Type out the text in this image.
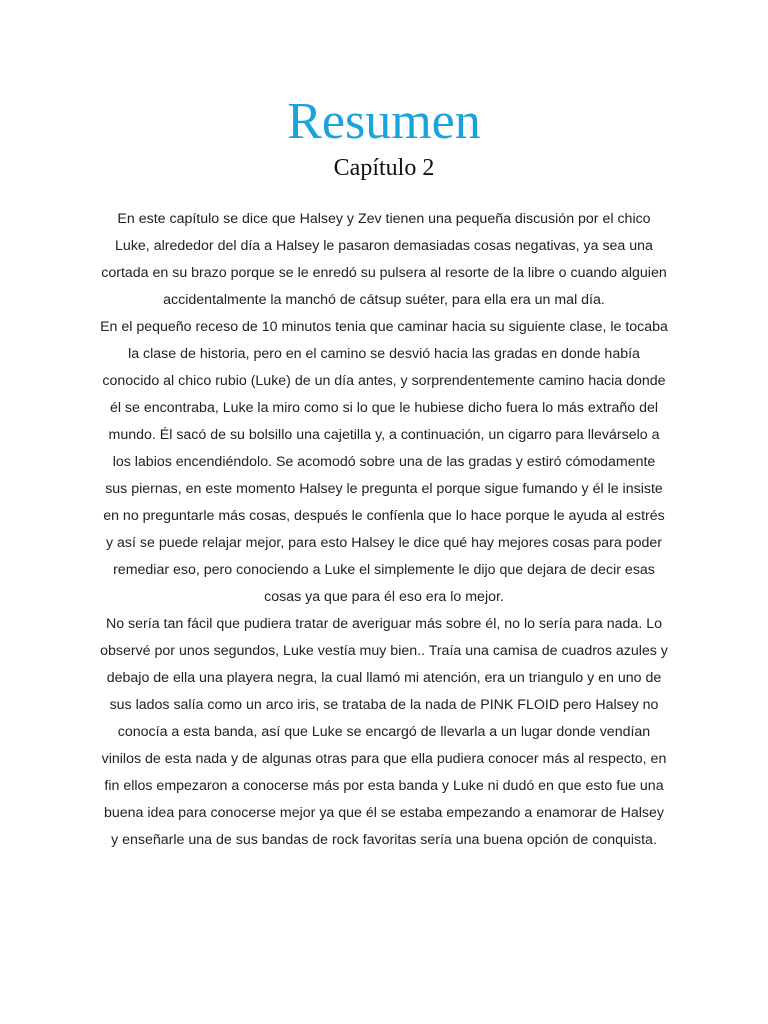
Resumen
Capítulo 2

En este capítulo se dice que Halsey y Zev tienen una pequeña discusión por el chico Luke, alrededor del día a Halsey le pasaron demasiadas cosas negativas, ya sea una cortada en su brazo porque se le enredó su pulsera al resorte de la libre o cuando alguien accidentalmente la manchó de cátsup suéter, para ella era un mal día.

En el pequeño receso de 10 minutos tenia que caminar hacia su siguiente clase, le tocaba la clase de historia, pero en el camino se desvió hacia las gradas en donde había conocido al chico rubio (Luke) de un día antes, y sorprendentemente camino hacia donde él se encontraba, Luke la miro como si lo que le hubiese dicho fuera lo más extraño del mundo. Él sacó de su bolsillo una cajetilla y, a continuación, un cigarro para llevárselo a los labios encendiéndolo. Se acomodó sobre una de las gradas y estiró cómodamente sus piernas, en este momento Halsey le pregunta el porque sigue fumando y él le insiste en no preguntarle más cosas, después le confíenla que lo hace porque le ayuda al estrés y así se puede relajar mejor, para esto Halsey le dice qué hay mejores cosas para poder remediar eso, pero conociendo a Luke el simplemente le dijo que dejara de decir esas cosas ya que para él eso era lo mejor.

No sería tan fácil que pudiera tratar de averiguar más sobre él, no lo sería para nada. Lo observé por unos segundos, Luke vestía muy bien.. Traía una camisa de cuadros azules y debajo de ella una playera negra, la cual llamó mi atención, era un triangulo y en uno de sus lados salía como un arco iris, se trataba de la nada de PINK FLOID pero Halsey no conocía a esta banda, así que Luke se encargó de llevarla a un lugar donde vendían vinilos de esta nada y de algunas otras para que ella pudiera conocer más al respecto, en fin ellos empezaron a conocerse más por esta banda y Luke ni dudó en que esto fue una buena idea para conocerse mejor ya que él se estaba empezando a enamorar de Halsey y enseñarle una de sus bandas de rock favoritas sería una buena opción de conquista.
